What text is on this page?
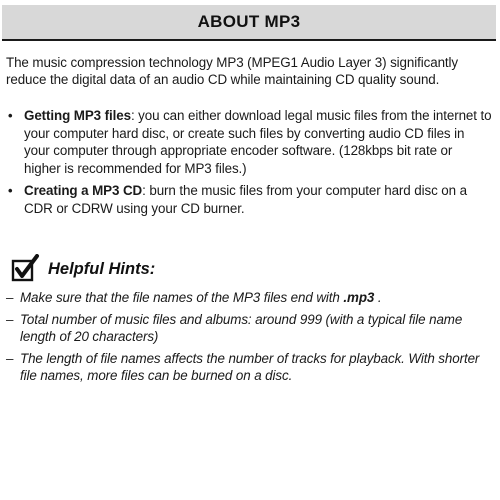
ABOUT MP3

The music compression technology MP3 (MPEG1 Audio Layer 3) significantly reduce the digital data of an audio CD while maintaining CD quality sound.

• Getting MP3 files: you can either download legal music files from the internet to your computer hard disc, or create such files by converting audio CD files in your computer through appropriate encoder software. (128kbps bit rate or higher is recommended for MP3 files.)
• Creating a MP3 CD: burn the music files from your computer hard disc on a CDR or CDRW using your CD burner.
Helpful Hints:
– Make sure that the file names of the MP3 files end with .mp3 .
– Total number of music files and albums: around 999 (with a typical file name length of 20 characters)
– The length of file names affects the number of tracks for playback. With shorter file names, more files can be burned on a disc.
